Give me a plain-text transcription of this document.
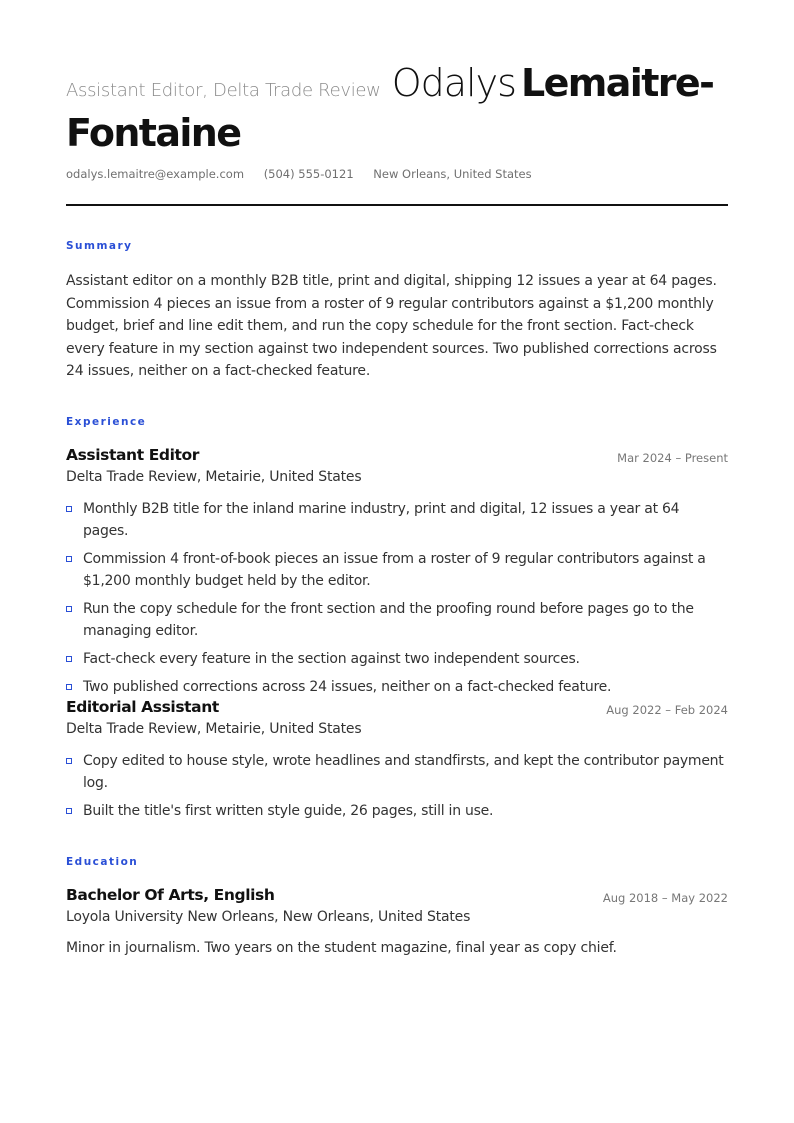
Assistant Editor, Delta Trade Review Odalys Lemaitre-Fontaine
odalys.lemaitre@example.com (504) 555-0121 New Orleans, United States
Summary
Assistant editor on a monthly B2B title, print and digital, shipping 12 issues a year at 64 pages. Commission 4 pieces an issue from a roster of 9 regular contributors against a $1,200 monthly budget, brief and line edit them, and run the copy schedule for the front section. Fact-check every feature in my section against two independent sources. Two published corrections across 24 issues, neither on a fact-checked feature.
Experience
Assistant Editor	Mar 2024 – Present
Delta Trade Review, Metairie, United States
Monthly B2B title for the inland marine industry, print and digital, 12 issues a year at 64 pages.
Commission 4 front-of-book pieces an issue from a roster of 9 regular contributors against a $1,200 monthly budget held by the editor.
Run the copy schedule for the front section and the proofing round before pages go to the managing editor.
Fact-check every feature in the section against two independent sources.
Two published corrections across 24 issues, neither on a fact-checked feature.
Editorial Assistant	Aug 2022 – Feb 2024
Delta Trade Review, Metairie, United States
Copy edited to house style, wrote headlines and standfirsts, and kept the contributor payment log.
Built the title's first written style guide, 26 pages, still in use.
Education
Bachelor Of Arts, English	Aug 2018 – May 2022
Loyola University New Orleans, New Orleans, United States
Minor in journalism. Two years on the student magazine, final year as copy chief.
